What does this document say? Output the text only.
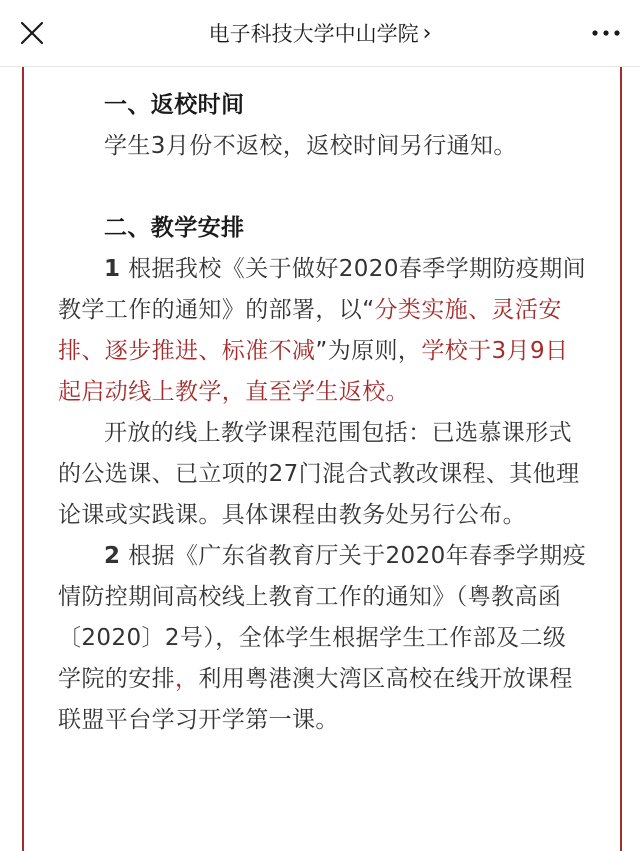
电子科技大学中山学院 ›

一、返校时间

学生3月份不返校，返校时间另行通知。

二、教学安排

1 根据我校《关于做好2020春季学期防疫期间教学工作的通知》的部署，以“分类实施、灵活安排、逐步推进、标准不减”为原则，学校于3月9日起启动线上教学，直至学生返校。

开放的线上教学课程范围包括：已选慕课形式的公选课、已立项的27门混合式教改课程、其他理论课或实践课。具体课程由教务处另行公布。

2 根据《广东省教育厅关于2020年春季学期疫情防控期间高校线上教育工作的通知》（粤教高函〔2020〕2号），全体学生根据学生工作部及二级学院的安排，利用粤港澳大湾区高校在线开放课程联盟平台学习开学第一课。
